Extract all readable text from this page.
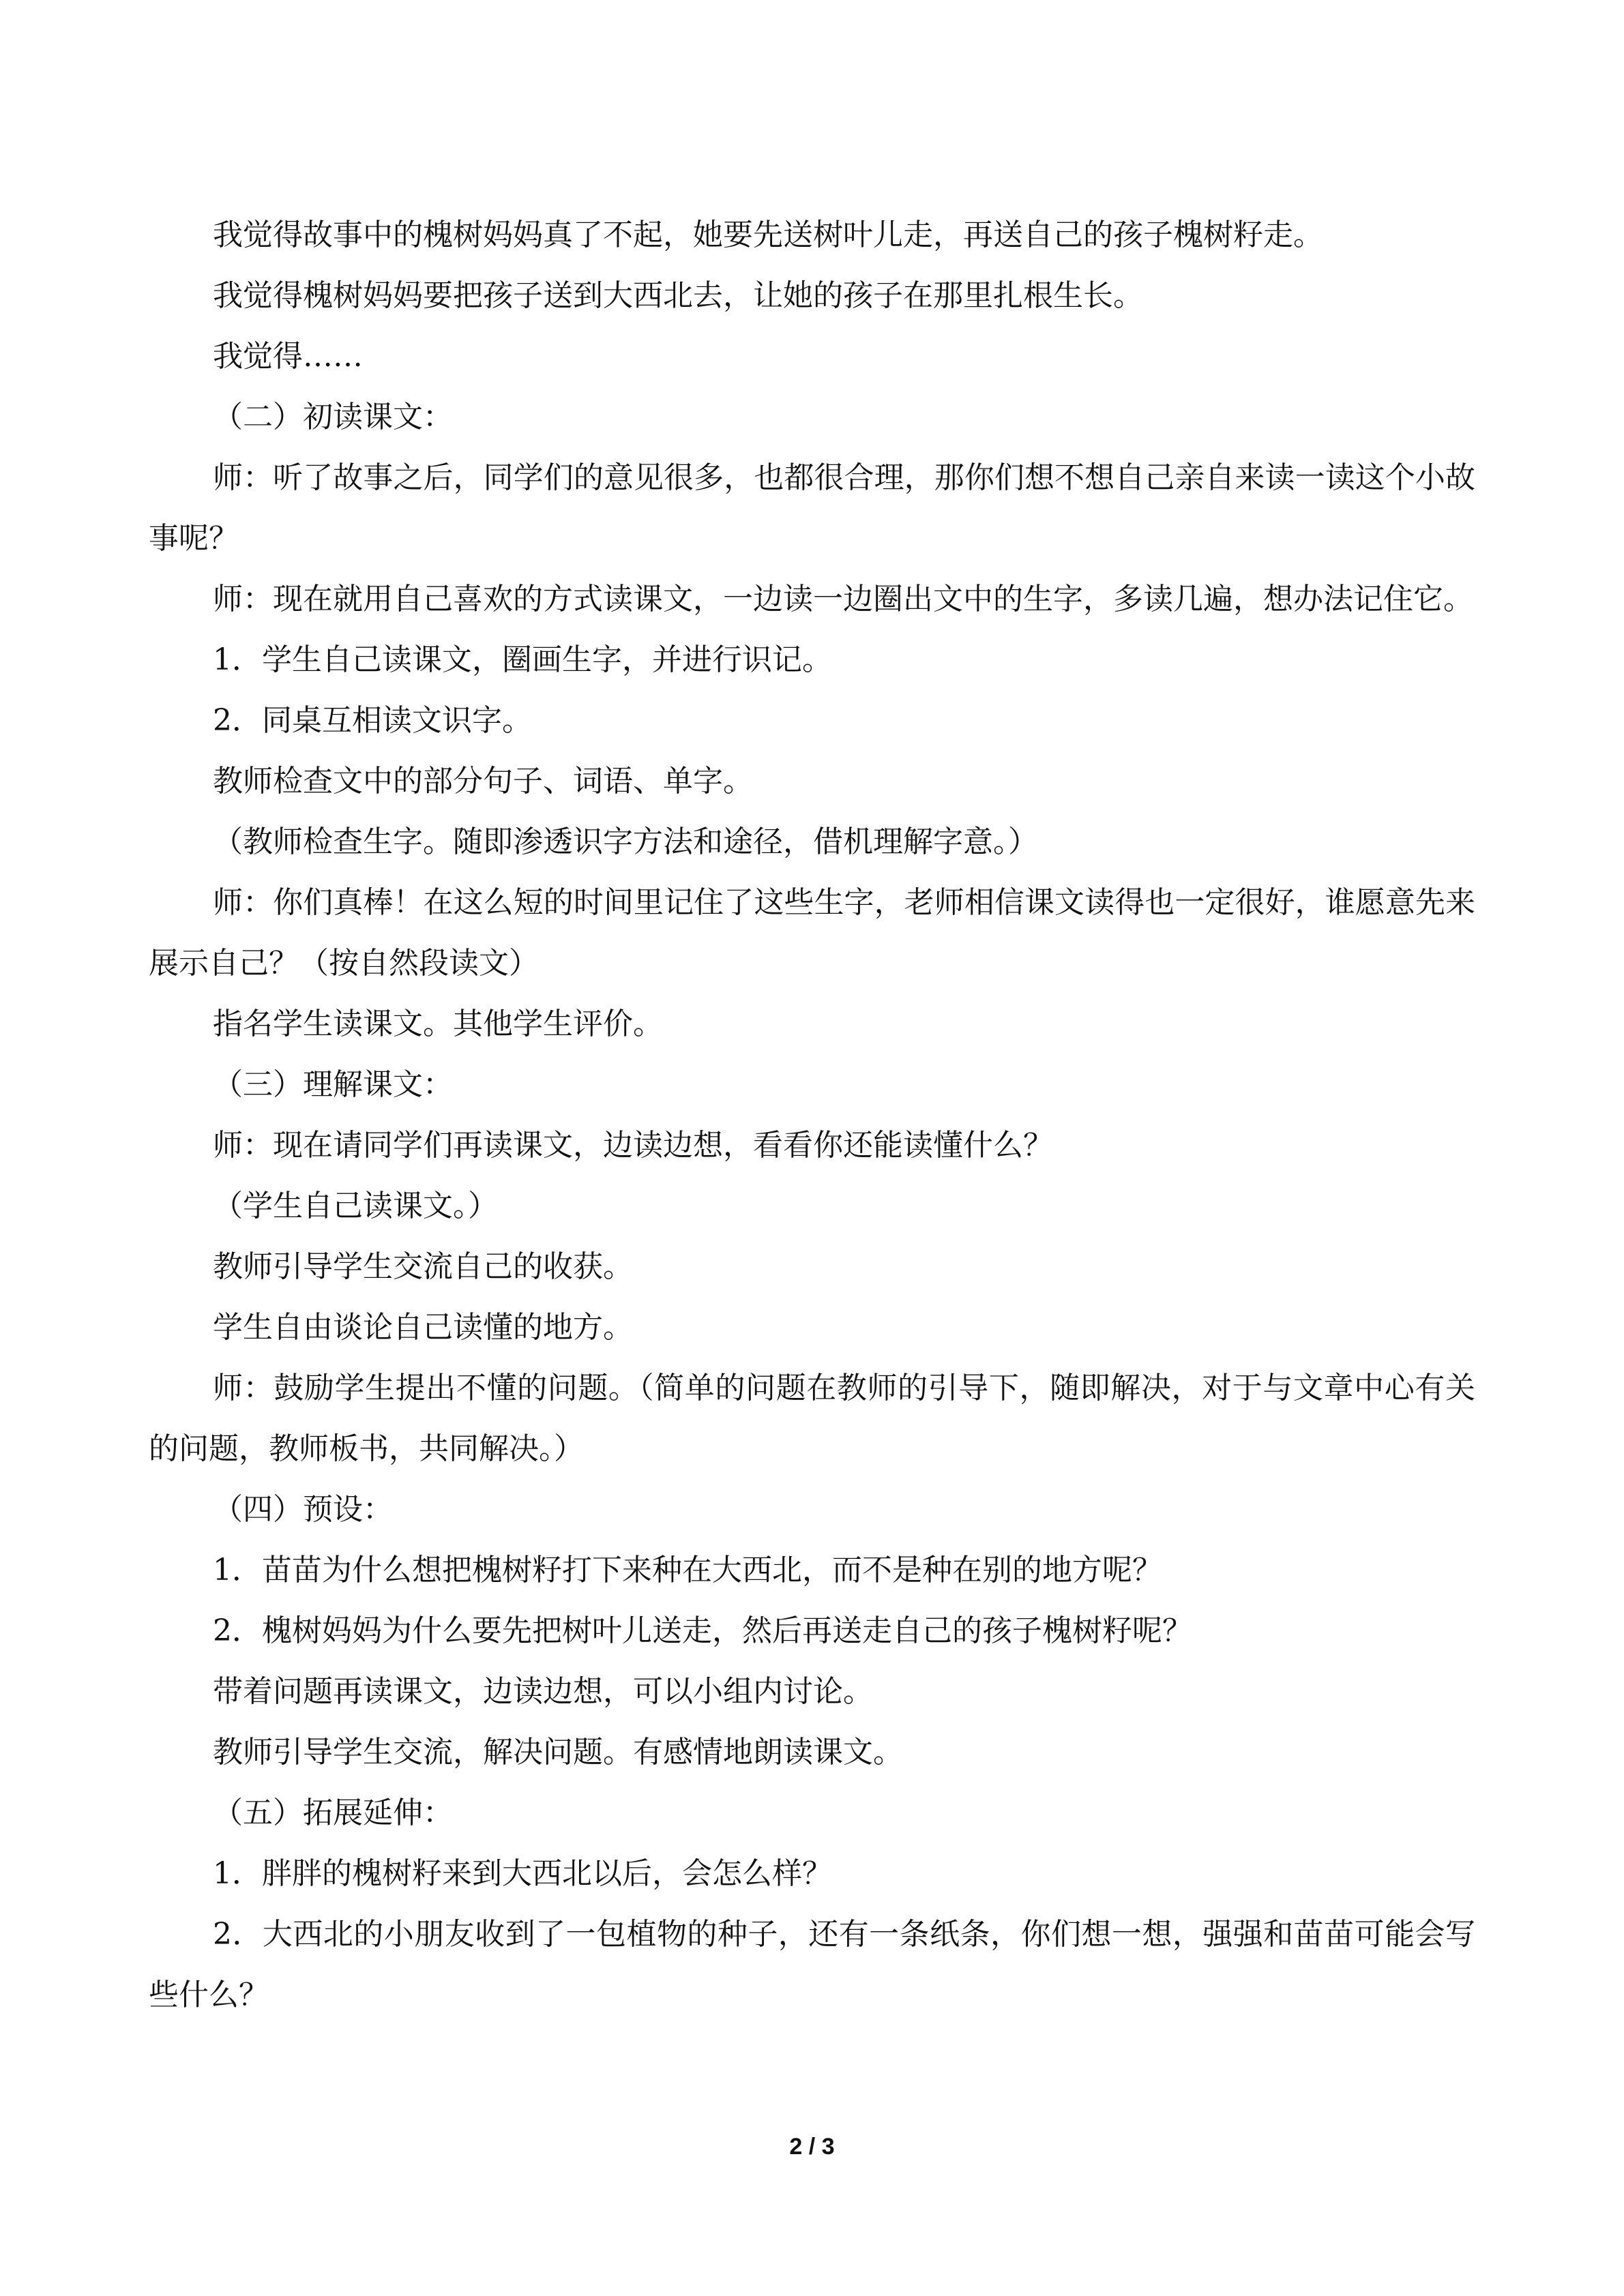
我觉得故事中的槐树妈妈真了不起，她要先送树叶儿走，再送自己的孩子槐树籽走。

我觉得槐树妈妈要把孩子送到大西北去，让她的孩子在那里扎根生长。

我觉得……

（二）初读课文：

师：听了故事之后，同学们的意见很多，也都很合理，那你们想不想自己亲自来读一读这个小故事呢？

师：现在就用自己喜欢的方式读课文，一边读一边圈出文中的生字，多读几遍，想办法记住它。

1．学生自己读课文，圈画生字，并进行识记。

2．同桌互相读文识字。

教师检查文中的部分句子、词语、单字。

（教师检查生字。随即渗透识字方法和途径，借机理解字意。）

师：你们真棒！在这么短的时间里记住了这些生字，老师相信课文读得也一定很好，谁愿意先来展示自己？（按自然段读文）

指名学生读课文。其他学生评价。

（三）理解课文：

师：现在请同学们再读课文，边读边想，看看你还能读懂什么？

（学生自己读课文。）

教师引导学生交流自己的收获。

学生自由谈论自己读懂的地方。

师：鼓励学生提出不懂的问题。（简单的问题在教师的引导下，随即解决，对于与文章中心有关的问题，教师板书，共同解决。）

（四）预设：

1．苗苗为什么想把槐树籽打下来种在大西北，而不是种在别的地方呢？

2．槐树妈妈为什么要先把树叶儿送走，然后再送走自己的孩子槐树籽呢？

带着问题再读课文，边读边想，可以小组内讨论。

教师引导学生交流，解决问题。有感情地朗读课文。

（五）拓展延伸：

1．胖胖的槐树籽来到大西北以后，会怎么样？

2．大西北的小朋友收到了一包植物的种子，还有一条纸条，你们想一想，强强和苗苗可能会写些什么？

2 / 3
